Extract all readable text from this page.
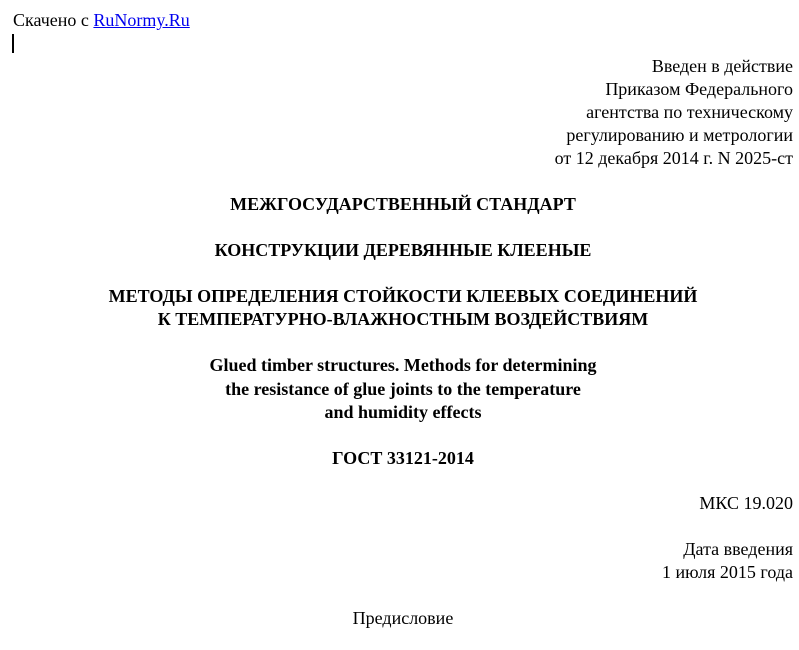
Скачено с RuNormy.Ru
Введен в действие
Приказом Федерального
агентства по техническому
регулированию и метрологии
от 12 декабря 2014 г. N 2025-ст
МЕЖГОСУДАРСТВЕННЫЙ СТАНДАРТ
КОНСТРУКЦИИ ДЕРЕВЯННЫЕ КЛЕЕНЫЕ
МЕТОДЫ ОПРЕДЕЛЕНИЯ СТОЙКОСТИ КЛЕЕВЫХ СОЕДИНЕНИЙ
К ТЕМПЕРАТУРНО-ВЛАЖНОСТНЫМ ВОЗДЕЙСТВИЯМ
Glued timber structures. Methods for determining
the resistance of glue joints to the temperature
and humidity effects
ГОСТ 33121-2014
МКС 19.020
Дата введения
1 июля 2015 года
Предисловие
